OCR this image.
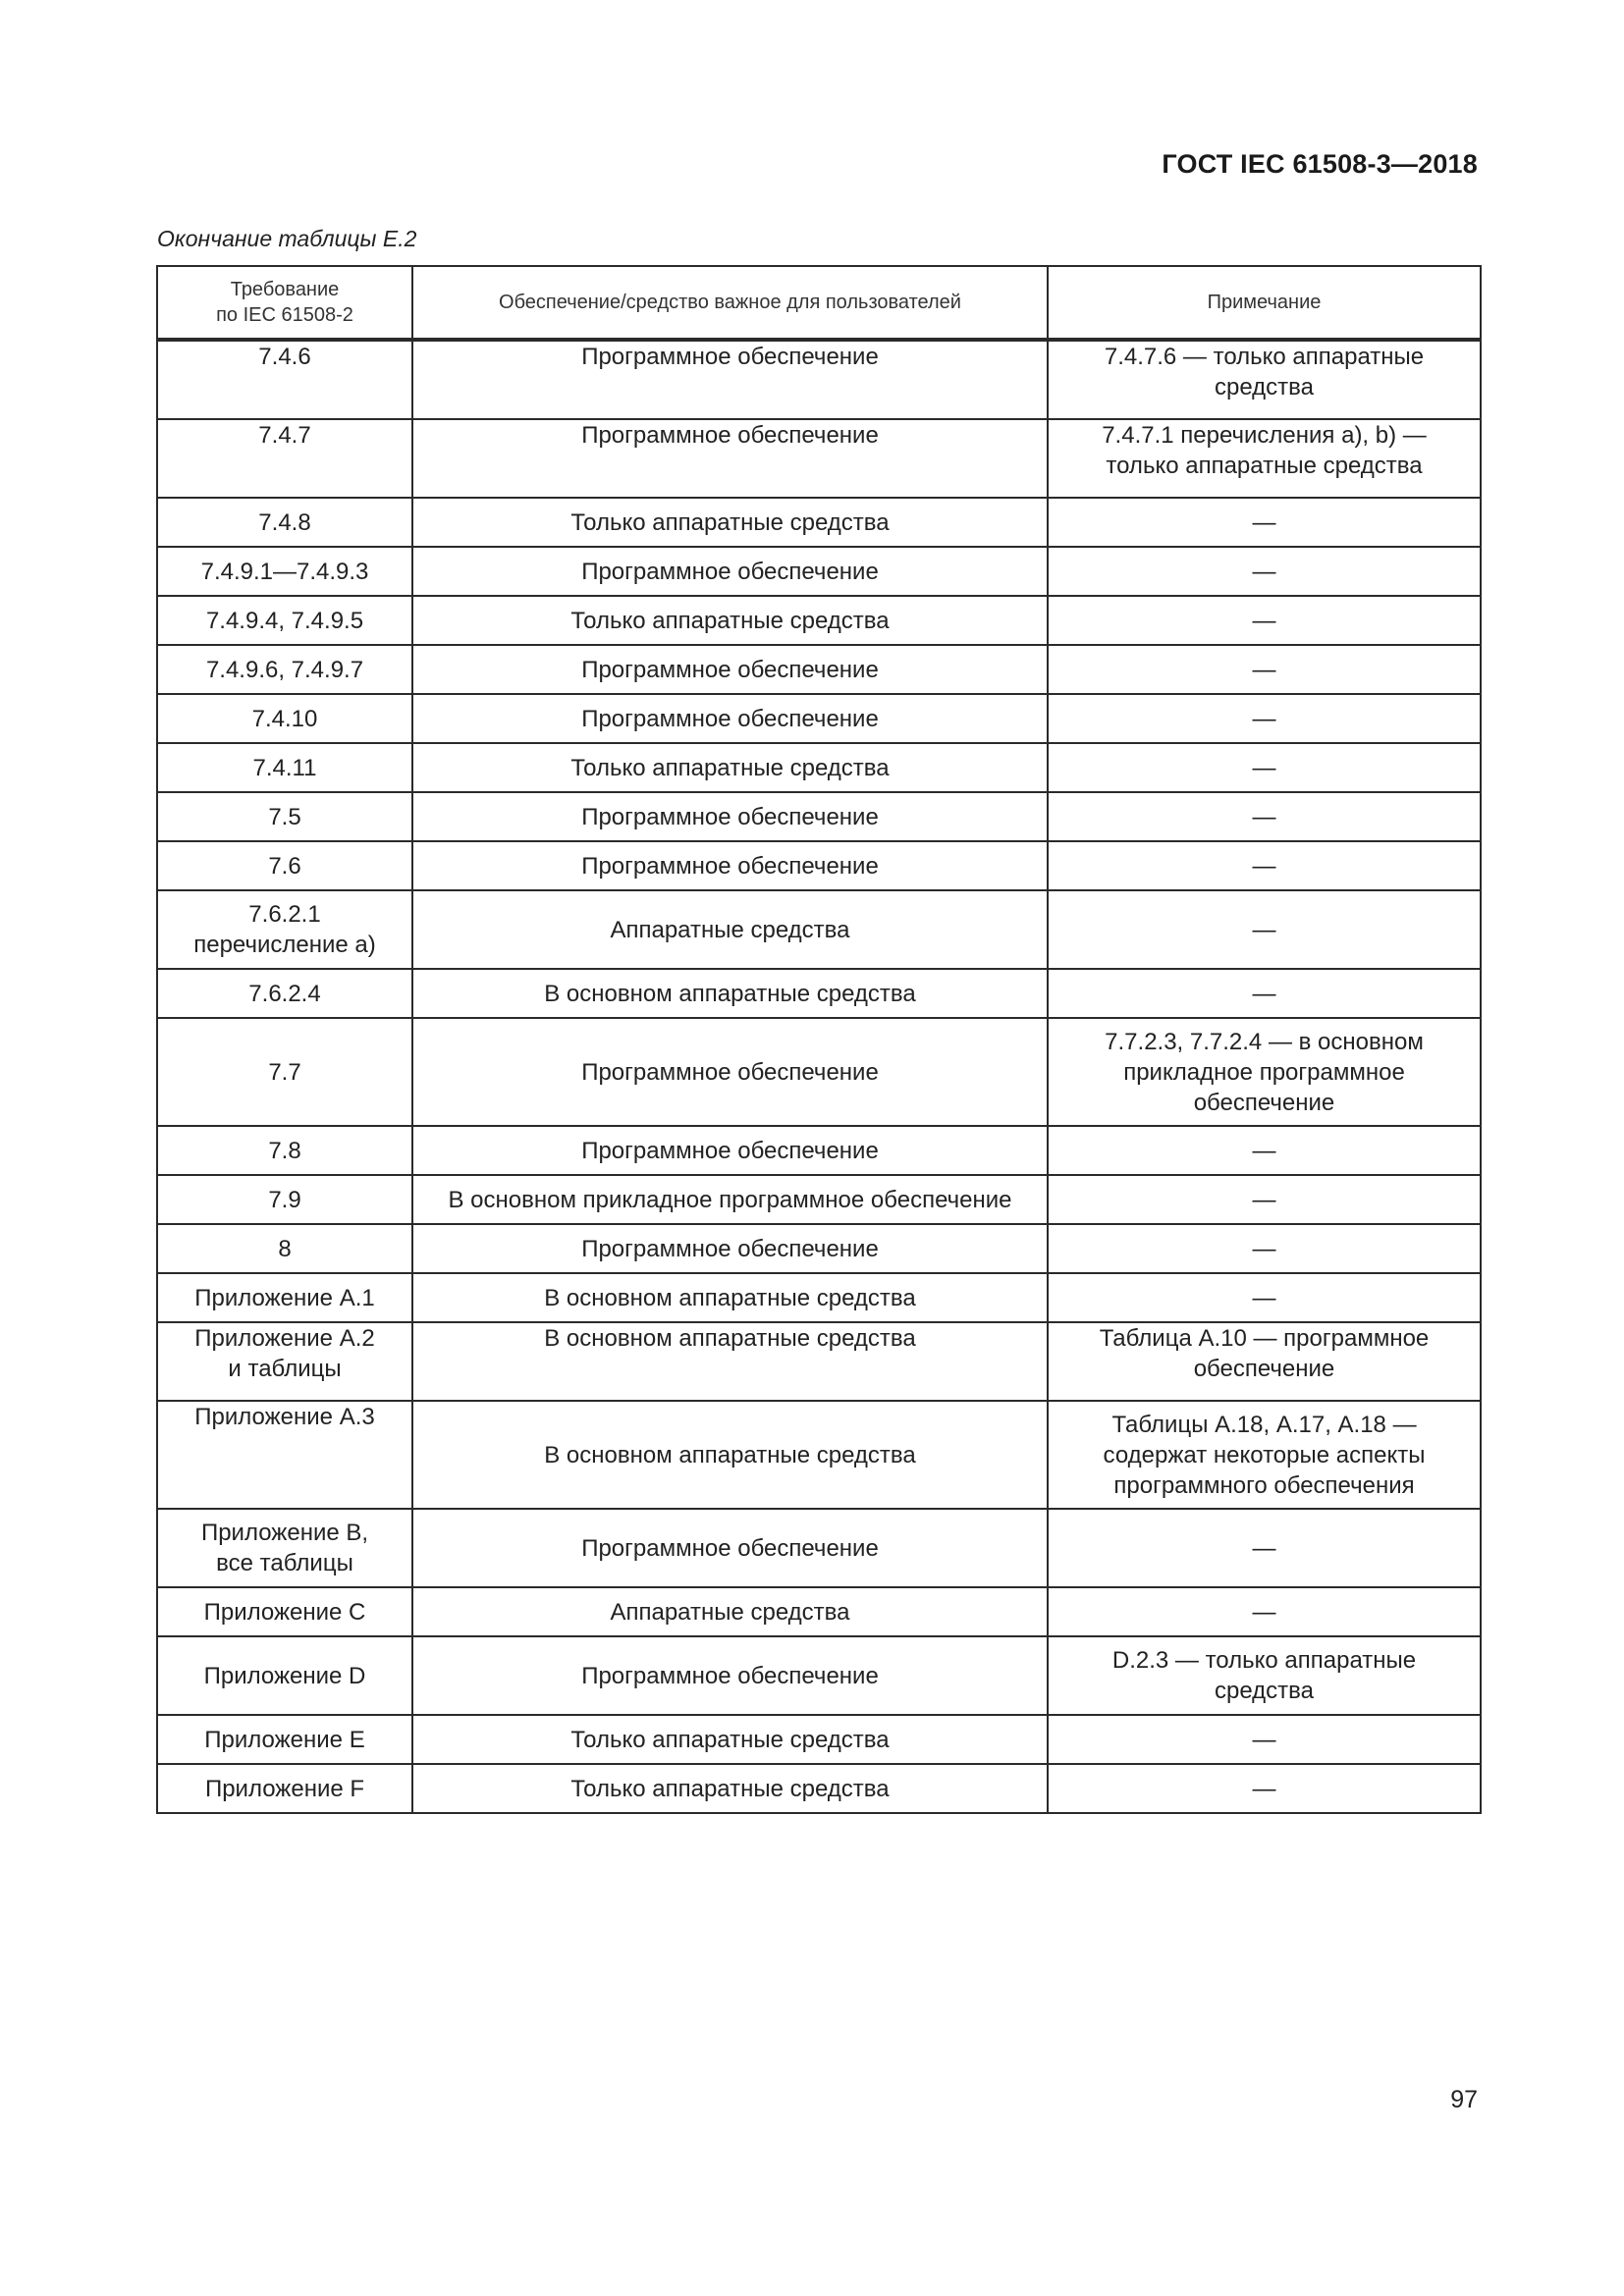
ГОСТ IEC 61508-3—2018
Окончание таблицы Е.2
Требование
по IEC 61508-2	Обеспечение/средство важное для пользователей	Примечание
7.4.6	Программное обеспечение	7.4.7.6 — только аппаратные
средства
7.4.7	Программное обеспечение	7.4.7.1 перечисления а), b) —
только аппаратные средства
7.4.8	Только аппаратные средства	—
7.4.9.1—7.4.9.3	Программное обеспечение	—
7.4.9.4, 7.4.9.5	Только аппаратные средства	—
7.4.9.6, 7.4.9.7	Программное обеспечение	—
7.4.10	Программное обеспечение	—
7.4.11	Только аппаратные средства	—
7.5	Программное обеспечение	—
7.6	Программное обеспечение	—
7.6.2.1
перечисление а)	Аппаратные средства	—
7.6.2.4	В основном аппаратные средства	—
7.7	Программное обеспечение	7.7.2.3, 7.7.2.4 — в основном
прикладное программное
обеспечение
7.8	Программное обеспечение	—
7.9	В основном прикладное программное обеспечение	—
8	Программное обеспечение	—
Приложение А.1	В основном аппаратные средства	—
Приложение А.2
и таблицы	В основном аппаратные средства	Таблица А.10 — программное
обеспечение
Приложение А.3	В основном аппаратные средства	Таблицы А.18, А.17, А.18 —
содержат некоторые аспекты
программного обеспечения
Приложение В,
все таблицы	Программное обеспечение	—
Приложение С	Аппаратные средства	—
Приложение D	Программное обеспечение	D.2.3 — только аппаратные
средства
Приложение Е	Только аппаратные средства	—
Приложение F	Только аппаратные средства	—
97
